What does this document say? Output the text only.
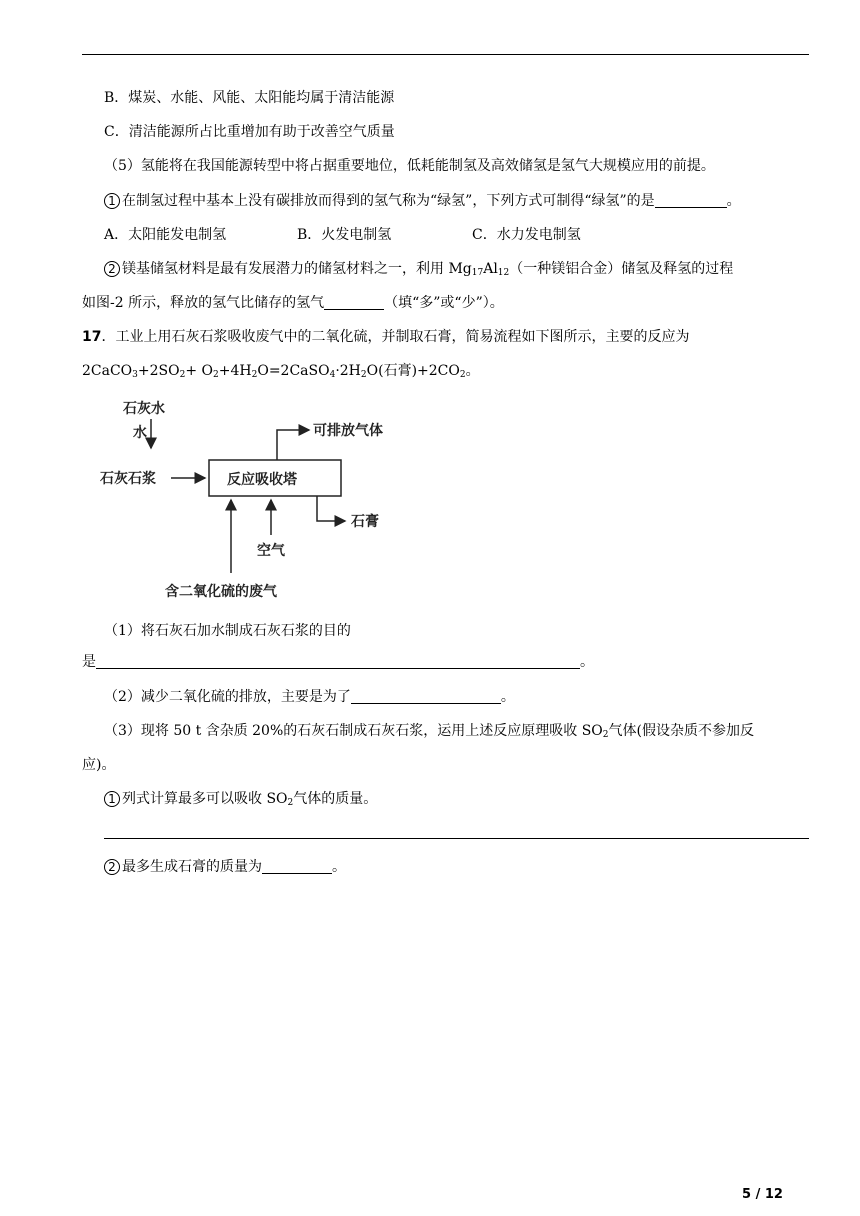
B．煤炭、水能、风能、太阳能均属于清洁能源
C．清洁能源所占比重增加有助于改善空气质量
（5）氢能将在我国能源转型中将占据重要地位，低耗能制氢及高效储氢是氢气大规模应用的前提。
1 在制氢过程中基本上没有碳排放而得到的氢气称为“绿氢”，下列方式可制得“绿氢”的是	。
A．太阳能发电制氢	B．火发电制氢	C．水力发电制氢
2 镁基储氢材料是最有发展潜力的储氢材料之一，利用 $Mg_{17}Al_{12}$（一种镁铝合金）储氢及释氢的过程
如图-2 所示，释放的氢气比储存的氢气	（填“多”或“少”）。
17．工业上用石灰石浆吸收废气中的二氧化硫，并制取石膏，简易流程如下图所示，主要的反应为
$2CaCO_3+2SO_2+$ $O_2+4H_2O=2CaSO_4\cdot 2H_2O$(石膏)$+2CO_2$。
石灰水
水
石灰石浆	反应吸收塔
可排放气体
石膏
空气
含二氧化硫的废气
（1）将石灰石加水制成石灰石浆的目的
是	。
（2）减少二氧化硫的排放，主要是为了	。
（3）现将 50 t 含杂质 20%的石灰石制成石灰石浆，运用上述反应原理吸收 $SO_2$气体(假设杂质不参加反
应)。
1 列式计算最多可以吸收 $SO_2$气体的质量。
2 最多生成石膏的质量为	。
5 / 12
